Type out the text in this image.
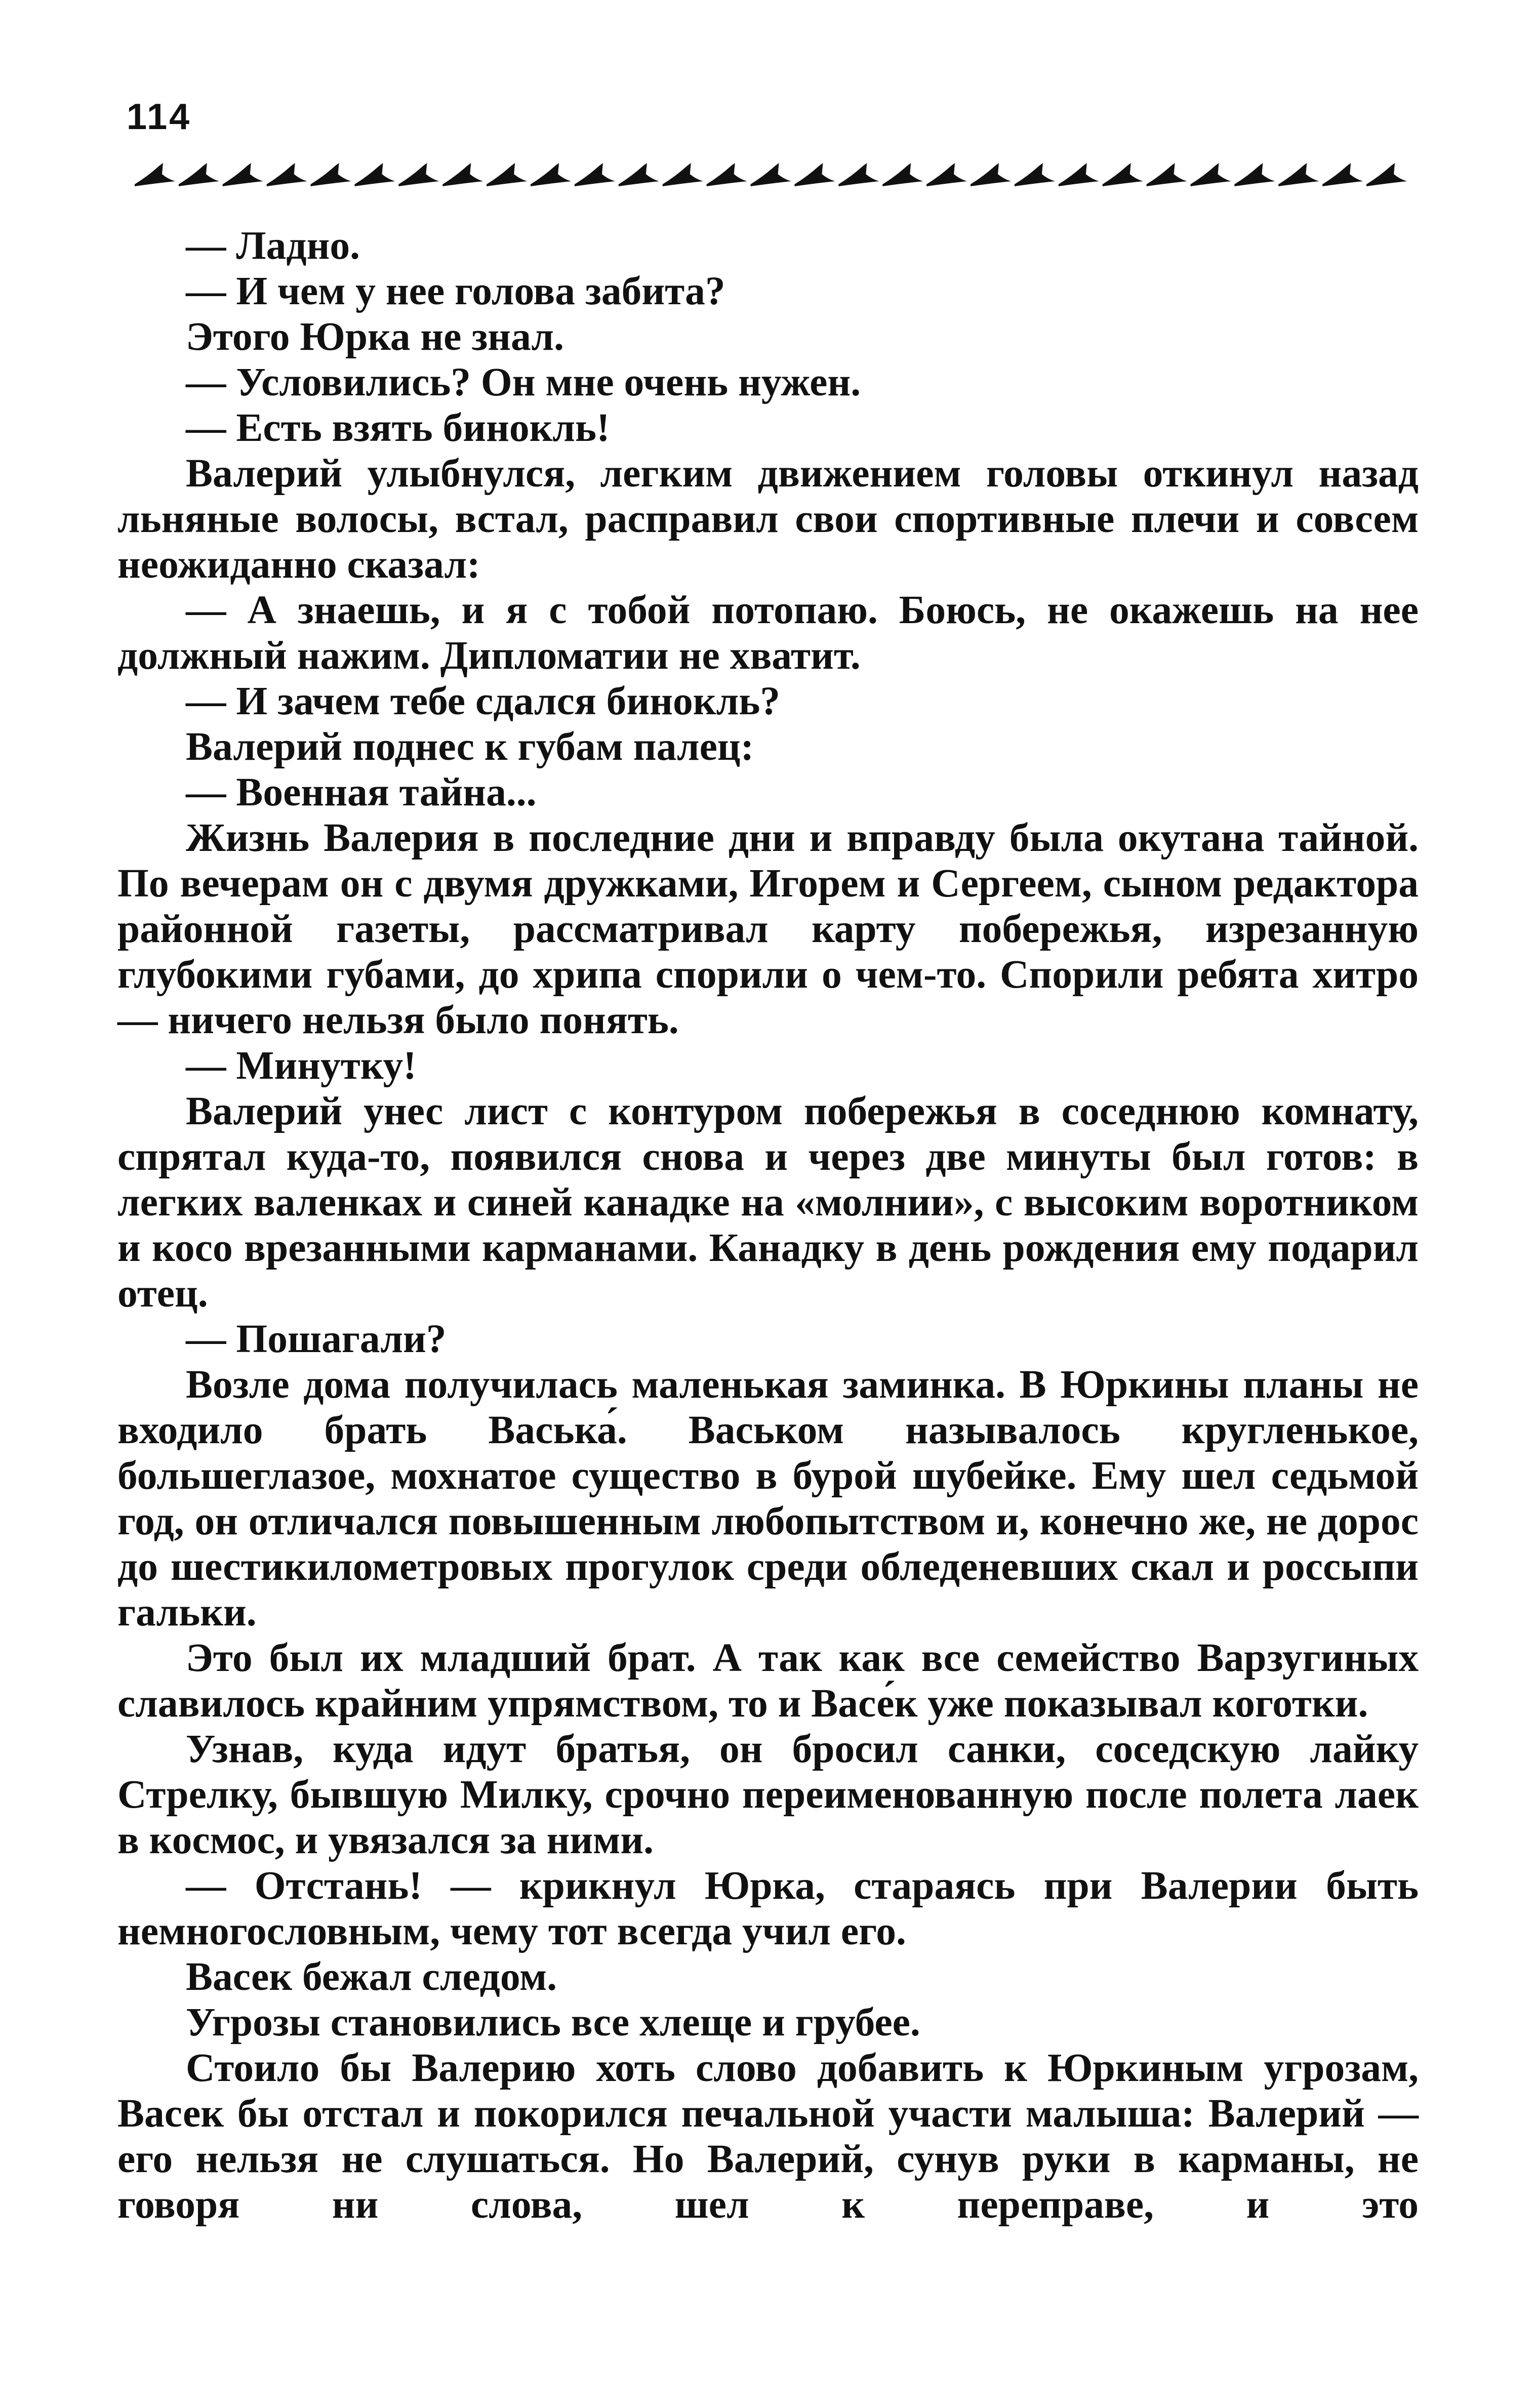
114

— Ладно.

— И чем у нее голова забита?

Этого Юрка не знал.

— Условились? Он мне очень нужен.

— Есть взять бинокль!

Валерий улыбнулся, легким движением головы откинул назад льняные волосы, встал, расправил свои спортивные плечи и совсем неожиданно сказал:

— А знаешь, и я с тобой потопаю. Боюсь, не окажешь на нее должный нажим. Дипломатии не хватит.

— И зачем тебе сдался бинокль?

Валерий поднес к губам палец:

— Военная тайна...

Жизнь Валерия в последние дни и вправду была окутана тайной. По вечерам он с двумя дружками, Игорем и Сергеем, сыном редактора районной газеты, рассматривал карту побережья, изрезанную глубокими губами, до хрипа спорили о чем-то. Спорили ребята хитро — ничего нельзя было понять.

— Минутку!

Валерий унес лист с контуром побережья в соседнюю комнату, спрятал куда-то, появился снова и через две минуты был готов: в легких валенках и синей канадке на «молнии», с высоким воротником и косо врезанными карманами. Канадку в день рождения ему подарил отец.

— Пошагали?

Возле дома получилась маленькая заминка. В Юркины планы не входило брать Васька́. Васьком называлось кругленькое, большеглазое, мохнатое существо в бурой шубейке. Ему шел седьмой год, он отличался повышенным любопытством и, конечно же, не дорос до шестикилометровых прогулок среди обледеневших скал и россыпи гальки.

Это был их младший брат. А так как все семейство Варзугиных славилось крайним упрямством, то и Васе́к уже показывал коготки.

Узнав, куда идут братья, он бросил санки, соседскую лайку Стрелку, бывшую Милку, срочно переименованную после полета лаек в космос, и увязался за ними.

— Отстань! — крикнул Юрка, стараясь при Валерии быть немногословным, чему тот всегда учил его.

Васек бежал следом.

Угрозы становились все хлеще и грубее.

Стоило бы Валерию хоть слово добавить к Юркиным угрозам, Васек бы отстал и покорился печальной участи малыша: Валерий — его нельзя не слушаться. Но Валерий, сунув руки в карманы, не говоря ни слова, шел к переправе, и это
